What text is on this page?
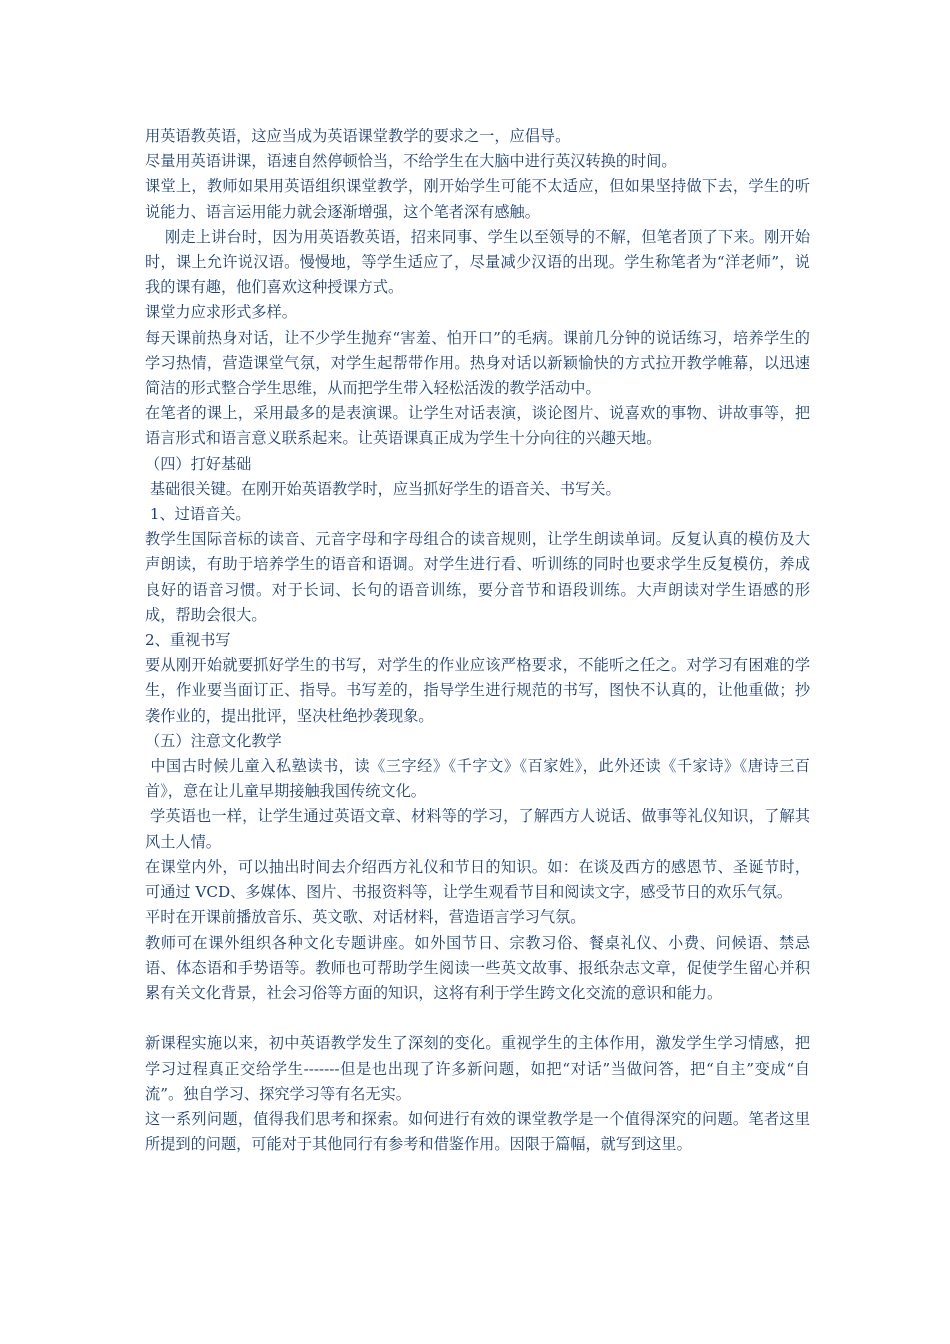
用英语教英语，这应当成为英语课堂教学的要求之一，应倡导。

尽量用英语讲课，语速自然停顿恰当，不给学生在大脑中进行英汉转换的时间。

课堂上，教师如果用英语组织课堂教学，刚开始学生可能不太适应，但如果坚持做下去，学生的听说能力、语言运用能力就会逐渐增强，这个笔者深有感触。

刚走上讲台时，因为用英语教英语，招来同事、学生以至领导的不解，但笔者顶了下来。刚开始时，课上允许说汉语。慢慢地，等学生适应了，尽量减少汉语的出现。学生称笔者为“洋老师”，说我的课有趣，他们喜欢这种授课方式。

课堂力应求形式多样。

每天课前热身对话，让不少学生抛弃“害羞、怕开口”的毛病。课前几分钟的说话练习，培养学生的学习热情，营造课堂气氛，对学生起帮带作用。热身对话以新颖愉快的方式拉开教学帷幕，以迅速简洁的形式整合学生思维，从而把学生带入轻松活泼的教学活动中。

在笔者的课上，采用最多的是表演课。让学生对话表演，谈论图片、说喜欢的事物、讲故事等，把语言形式和语言意义联系起来。让英语课真正成为学生十分向往的兴趣天地。

（四）打好基础

基础很关键。在刚开始英语教学时，应当抓好学生的语音关、书写关。

1、过语音关。

教学生国际音标的读音、元音字母和字母组合的读音规则，让学生朗读单词。反复认真的模仿及大声朗读，有助于培养学生的语音和语调。对学生进行看、听训练的同时也要求学生反复模仿，养成良好的语音习惯。对于长词、长句的语音训练，要分音节和语段训练。大声朗读对学生语感的形成，帮助会很大。

2、重视书写

要从刚开始就要抓好学生的书写，对学生的作业应该严格要求，不能听之任之。对学习有困难的学生，作业要当面订正、指导。书写差的，指导学生进行规范的书写，图快不认真的，让他重做；抄袭作业的，提出批评，坚决杜绝抄袭现象。

（五）注意文化教学

中国古时候儿童入私塾读书，读《三字经》《千字文》《百家姓》，此外还读《千家诗》《唐诗三百首》，意在让儿童早期接触我国传统文化。

学英语也一样，让学生通过英语文章、材料等的学习，了解西方人说话、做事等礼仪知识，了解其风土人情。

在课堂内外，可以抽出时间去介绍西方礼仪和节日的知识。如：在谈及西方的感恩节、圣诞节时，可通过 VCD、多媒体、图片、书报资料等，让学生观看节目和阅读文字，感受节日的欢乐气氛。

平时在开课前播放音乐、英文歌、对话材料，营造语言学习气氛。

教师可在课外组织各种文化专题讲座。如外国节日、宗教习俗、餐桌礼仪、小费、问候语、禁忌语、体态语和手势语等。教师也可帮助学生阅读一些英文故事、报纸杂志文章，促使学生留心并积累有关文化背景，社会习俗等方面的知识，这将有利于学生跨文化交流的意识和能力。

新课程实施以来，初中英语教学发生了深刻的变化。重视学生的主体作用，激发学生学习情感，把学习过程真正交给学生-------但是也出现了许多新问题，如把“对话”当做问答，把“自主”变成“自流”。独自学习、探究学习等有名无实。

这一系列问题，值得我们思考和探索。如何进行有效的课堂教学是一个值得深究的问题。笔者这里所提到的问题，可能对于其他同行有参考和借鉴作用。因限于篇幅，就写到这里。
